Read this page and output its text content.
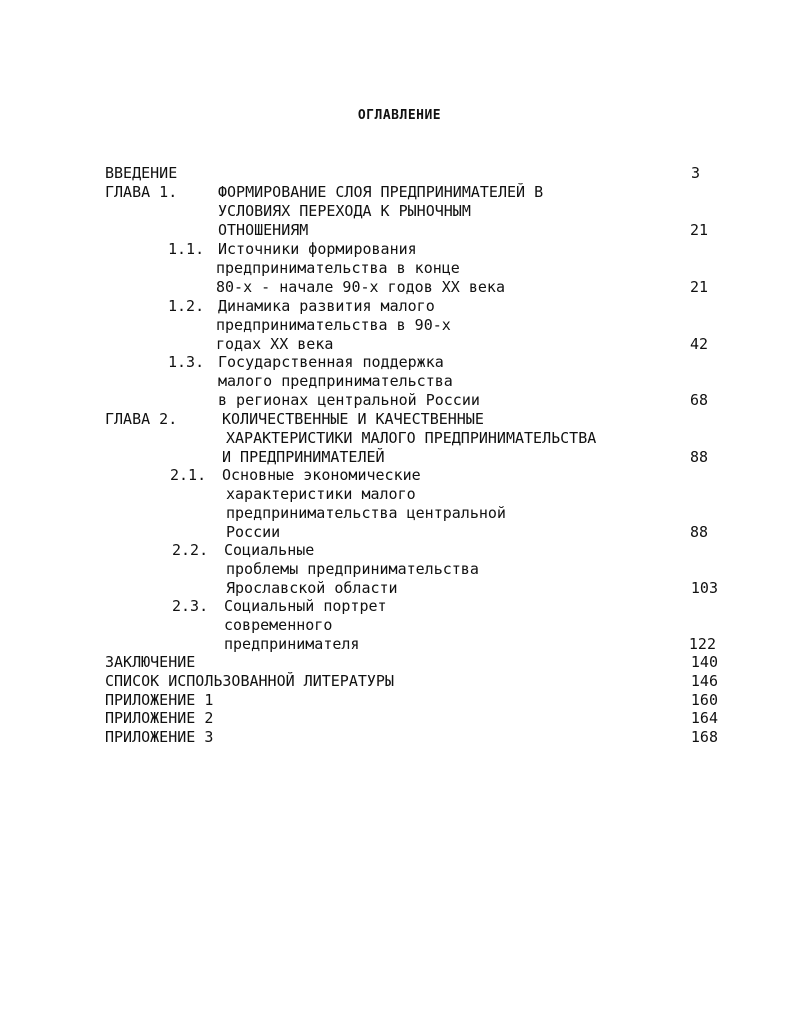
ОГЛАВЛЕНИЕ
ВВЕДЕНИЕ	3
ГЛАВА 1.	ФОРМИРОВАНИЕ СЛОЯ ПРЕДПРИНИМАТЕЛЕЙ В
УСЛОВИЯХ ПЕРЕХОДА К РЫНОЧНЫМ
ОТНОШЕНИЯМ	21
1.1. Источники формирования
предпринимательства в конце
80-х - начале 90-х годов XX века	21
1.2. Динамика развития малого
предпринимательства в 90-х
годах XX века	42
1.3. Государственная поддержка
малого предпринимательства
в регионах центральной России	68
ГЛАВА 2.	КОЛИЧЕСТВЕННЫЕ И КАЧЕСТВЕННЫЕ
ХАРАКТЕРИСТИКИ МАЛОГО ПРЕДПРИНИМАТЕЛЬСТВА
И ПРЕДПРИНИМАТЕЛЕЙ	88
2.1. Основные экономические
характеристики малого
предпринимательства центральной
России	88
2.2. Социальные
проблемы предпринимательства
Ярославской области	103
2.3. Социальный портрет
современного
предпринимателя	122
ЗАКЛЮЧЕНИЕ	140
СПИСОК ИСПОЛЬЗОВАННОЙ ЛИТЕРАТУРЫ	146
ПРИЛОЖЕНИЕ 1	160
ПРИЛОЖЕНИЕ 2	164
ПРИЛОЖЕНИЕ 3	168
